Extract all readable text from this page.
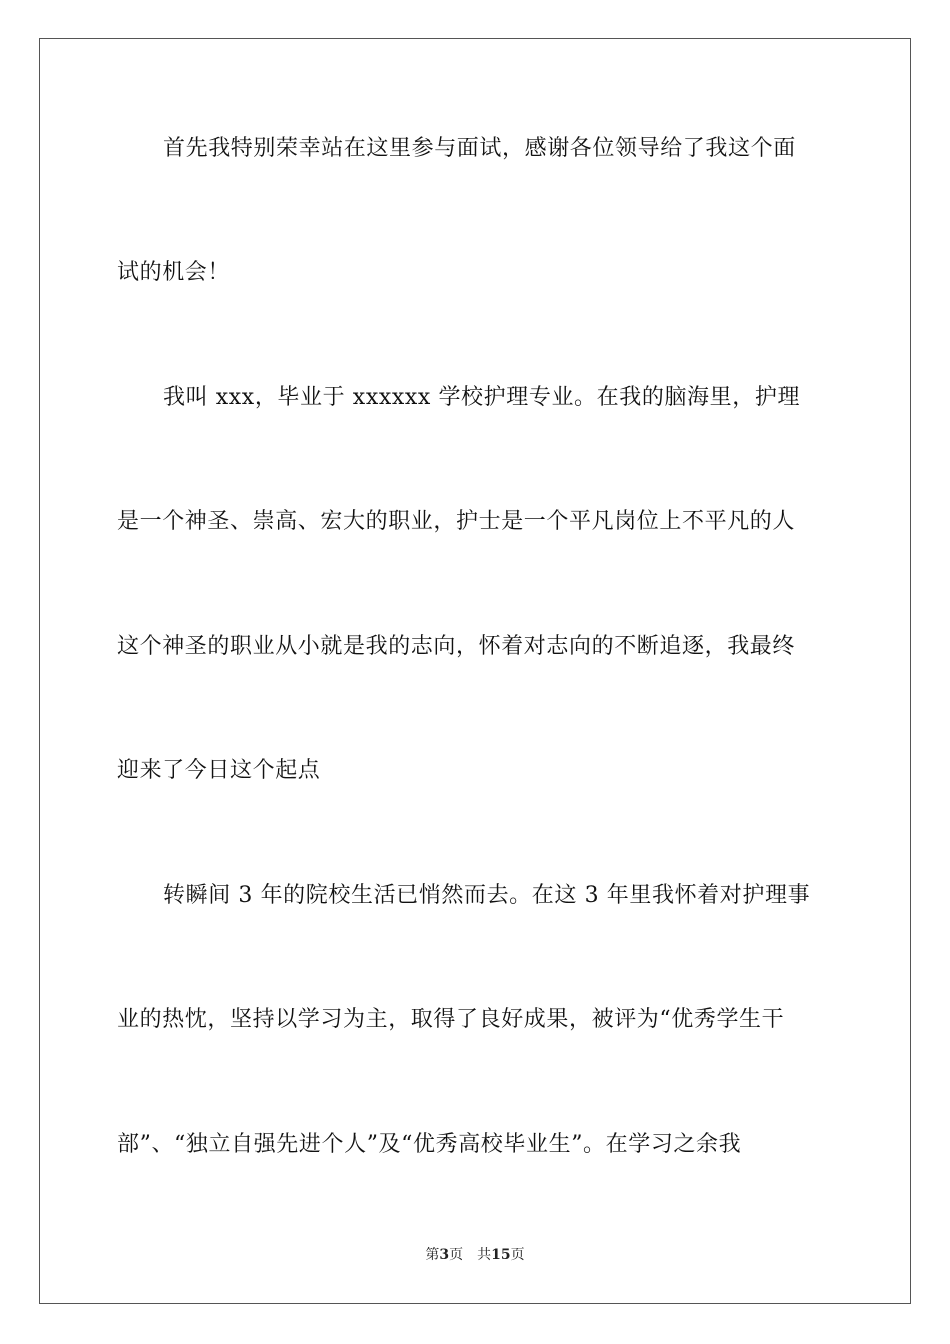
首先我特别荣幸站在这里参与面试，感谢各位领导给了我这个面
试的机会！
我叫 xxx，毕业于 xxxxxx 学校护理专业。在我的脑海里，护理
是一个神圣、崇高、宏大的职业，护士是一个平凡岗位上不平凡的人
这个神圣的职业从小就是我的志向，怀着对志向的不断追逐，我最终
迎来了今日这个起点
转瞬间 3 年的院校生活已悄然而去。在这 3 年里我怀着对护理事
业的热忱，坚持以学习为主，取得了良好成果，被评为“优秀学生干
部”、“独立自强先进个人”及“优秀高校毕业生”。在学习之余我
第3页 共15页
